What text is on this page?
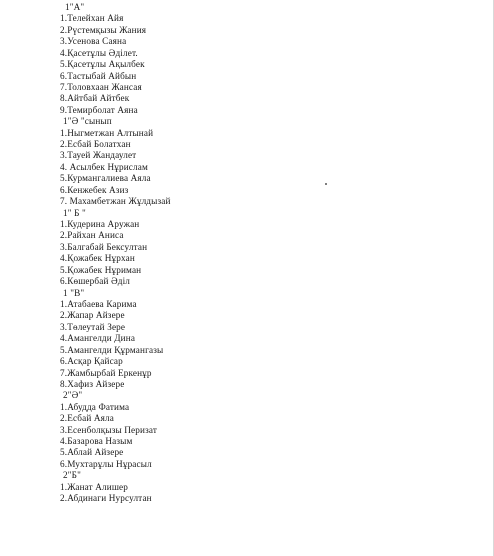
1"А"
1.Телейхан Айя
2.Рүстемқызы Жания
3.Усенова Саяна
4.Қасетұлы Әділет.
5.Қасетұлы Ақылбек
6.Тастыбай Айбын
7.Толовхаан Жансая
8.Айтбай Айтбек
9.Темирболат Аяна
1"Ә "сынып
1.Ныгметжан Алтынай
2.Есбай Болатхан
3.Тауей Жандаулет
4. Асылбек Нұрислам
5.Курмангалиева Аяла
6.Кенжебек Азиз
7. Махамбетжан Жұлдызай
1" Б "
1.Кудерина Аружан
2.Райхан Аниса
3.Балгабай Бексултан
4.Қожабек Нұрхан
5.Қожабек Нұриман
6.Көшербай Әділ
1 "В"
1.Атабаева Карима
2.Жапар Айзере
3.Төлеутай Зере
4.Амангелди Дина
5.Амангелди Құрмангазы
6.Асқар Қайсар
7.Жамбырбай Еркенұр
8.Хафиз Айзере
2"Ә"
1.Абудда Фатима
2.Есбай Аяла
3.Есенболқызы Перизат
4.Базарова Назым
5.Аблай Айзере
6.Мухтарұлы Нұрасыл
2"Б"
1.Жанат Алишер
2.Абдинаги Нурсултан
